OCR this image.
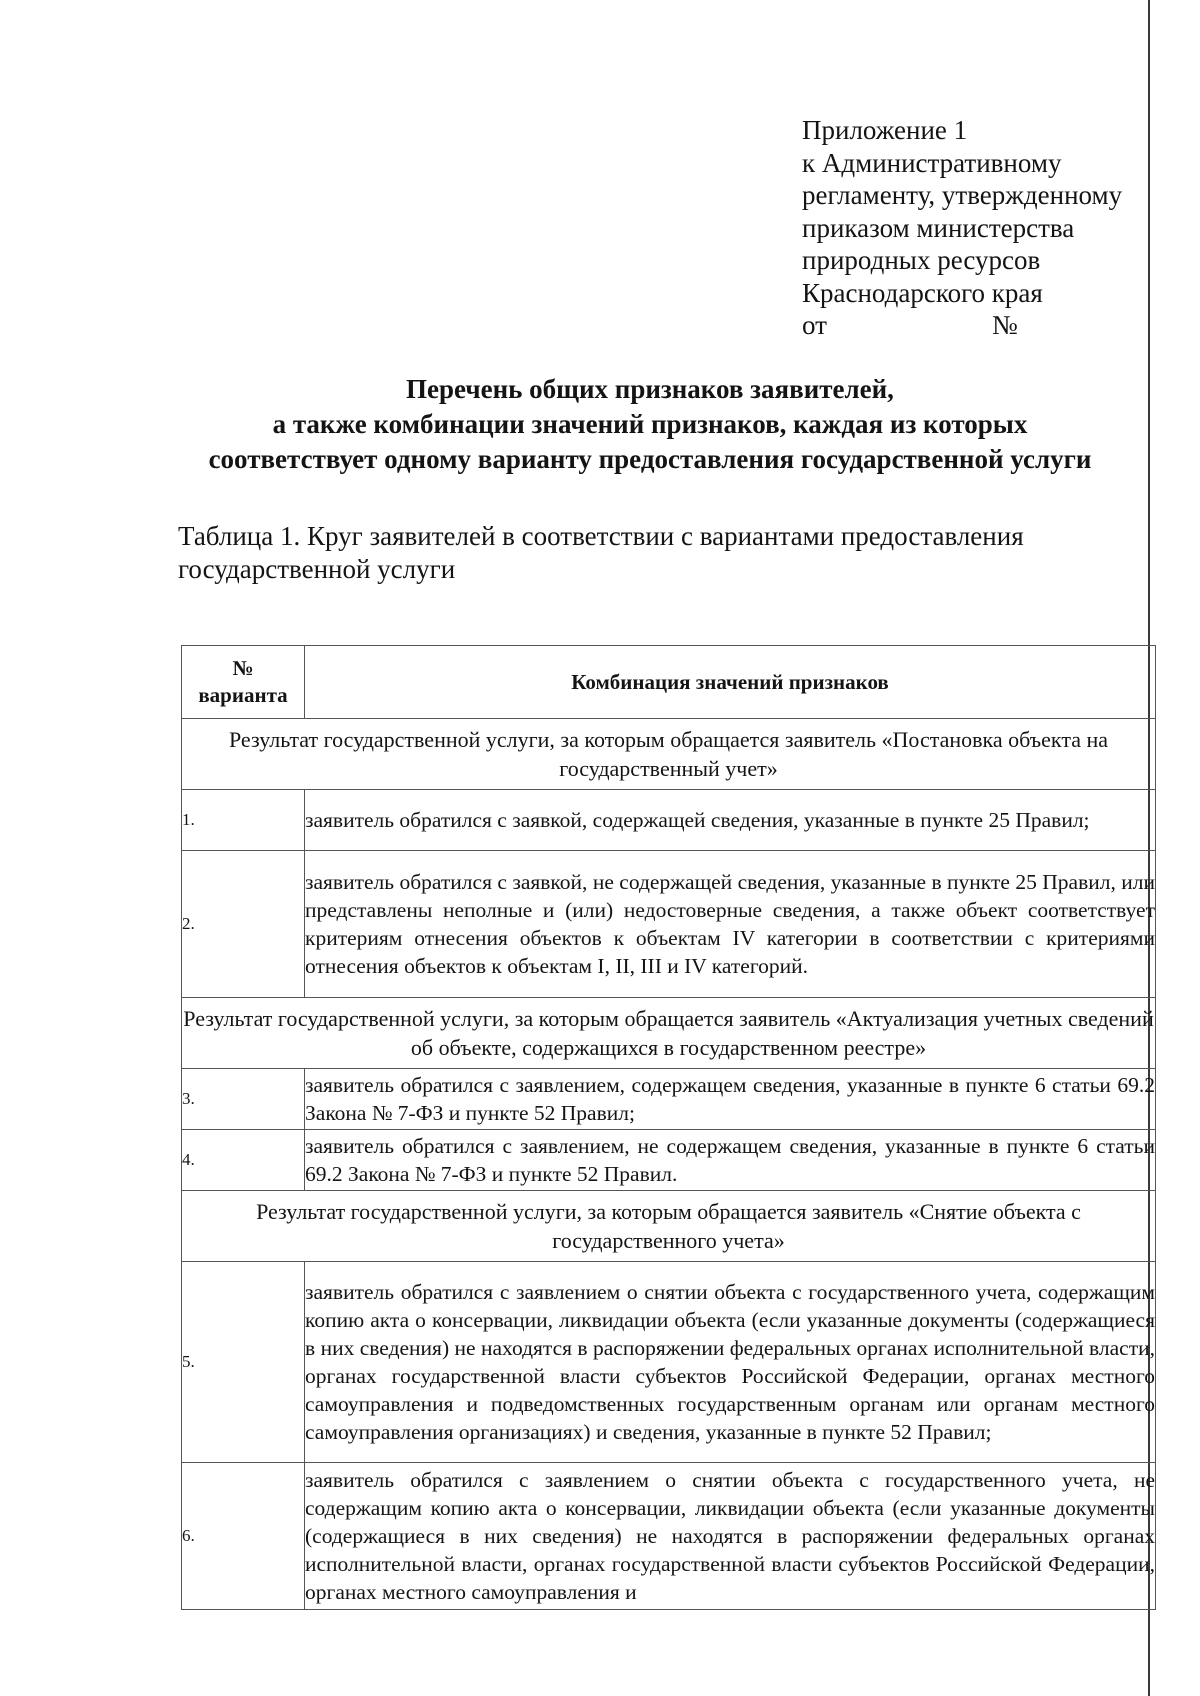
Приложение 1
к Административному
регламенту, утвержденному
приказом министерства
природных ресурсов
Краснодарского края
от	№
Перечень общих признаков заявителей,
а также комбинации значений признаков, каждая из которых
соответствует одному варианту предоставления государственной услуги
Таблица 1. Круг заявителей в соответствии с вариантами предоставления государственной услуги
№
варианта	Комбинация значений признаков
Результат государственной услуги, за которым обращается заявитель «Постановка объекта на государственный учет»	
1.	заявитель обратился с заявкой, содержащей сведения, указанные в пункте 25 Правил;
2.	заявитель обратился с заявкой, не содержащей сведения, указанные в пункте 25 Правил, или представлены неполные и (или) недостоверные сведения, а также объект соответствует критериям отнесения объектов к объектам IV категории в соответствии с критериями отнесения объектов к объектам I, II, III и IV категорий.
Результат государственной услуги, за которым обращается заявитель «Актуализация учетных сведений об объекте, содержащихся в государственном реестре»	
3.	заявитель обратился с заявлением, содержащем сведения, указанные в пункте 6 статьи 69.2 Закона № 7-ФЗ и пункте 52 Правил;
4.	заявитель обратился с заявлением, не содержащем сведения, указанные в пункте 6 статьи 69.2 Закона № 7-ФЗ и пункте 52 Правил.
Результат государственной услуги, за которым обращается заявитель «Снятие объекта с государственного учета»	
5.	заявитель обратился с заявлением о снятии объекта с государственного учета, содержащим копию акта о консервации, ликвидации объекта (если указанные документы (содержащиеся в них сведения) не находятся в распоряжении федеральных органах исполнительной власти, органах государственной власти субъектов Российской Федерации, органах местного самоуправления и подведомственных государственным органам или органам местного самоуправления организациях) и сведения, указанные в пункте 52 Правил;
6.	заявитель обратился с заявлением о снятии объекта с государственного учета, не содержащим копию акта о консервации, ликвидации объекта (если указанные документы (содержащиеся в них сведения) не находятся в распоряжении федеральных органах исполнительной власти, органах государственной власти субъектов Российской Федерации, органах местного самоуправления и
